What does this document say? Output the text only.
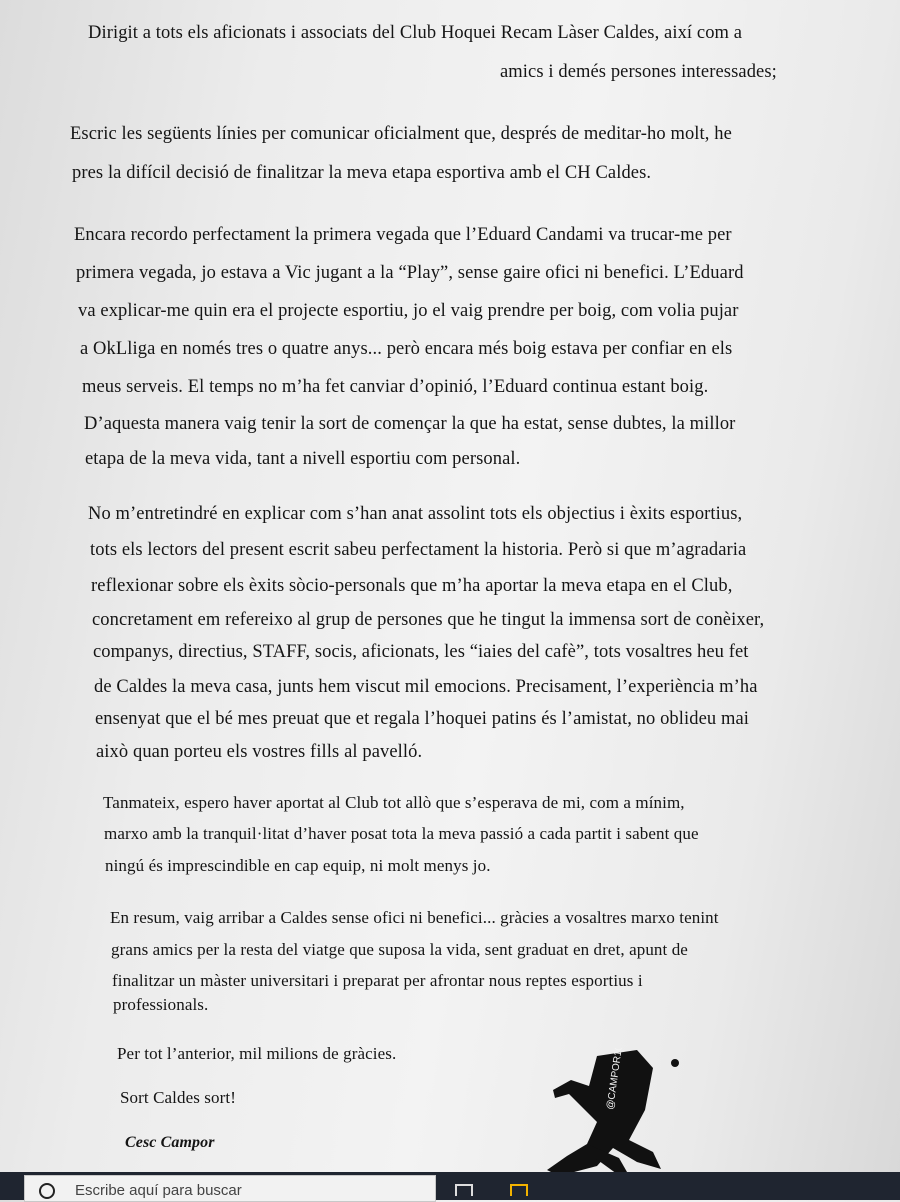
Dirigit a tots els aficionats i associats del Club Hoquei Recam Làser Caldes, així com a
amics i demés persones interessades;
Escric les següents línies per comunicar oficialment que, després de meditar-ho molt, he
pres la difícil decisió de finalitzar la meva etapa esportiva amb el CH Caldes.
Encara recordo perfectament la primera vegada que l’Eduard Candami va trucar-me per
primera vegada, jo estava a Vic jugant a la “Play”, sense gaire ofici ni benefici. L’Eduard
va explicar-me quin era el projecte esportiu, jo el vaig prendre per boig, com volia pujar
a OkLliga en només tres o quatre anys... però encara més boig estava per confiar en els
meus serveis. El temps no m’ha fet canviar d’opinió, l’Eduard continua estant boig.
D’aquesta manera vaig tenir la sort de començar la que ha estat, sense dubtes, la millor
etapa de la meva vida, tant a nivell esportiu com personal.
No m’entretindré en explicar com s’han anat assolint tots els objectius i èxits esportius,
tots els lectors del present escrit sabeu perfectament la historia. Però si que m’agradaria
reflexionar sobre els èxits sòcio-personals que m’ha aportar la meva etapa en el Club,
concretament em refereixo al grup de persones que he tingut la immensa sort de conèixer,
companys, directius, STAFF, socis, aficionats, les “iaies del cafè”, tots vosaltres heu fet
de Caldes la meva casa, junts hem viscut mil emocions. Precisament, l’experiència m’ha
ensenyat que el bé mes preuat que et regala l’hoquei patins és l’amistat, no oblideu mai
això quan porteu els vostres fills al pavelló.
Tanmateix, espero haver aportat al Club tot allò que s’esperava de mi, com a mínim,
marxo amb la tranquil·litat d’haver posat tota la meva passió a cada partit i sabent que
ningú és imprescindible en cap equip, ni molt menys jo.
En resum, vaig arribar a Caldes sense ofici ni benefici... gràcies a vosaltres marxo tenint
grans amics per la resta del viatge que suposa la vida, sent graduat en dret, apunt de
finalitzar un màster universitari i preparat per afrontar nous reptes esportius i
professionals.
Per tot l’anterior, mil milions de gràcies.
Sort Caldes sort!
Cesc Campor
@CAMPOR10
Escribe aquí para buscar
